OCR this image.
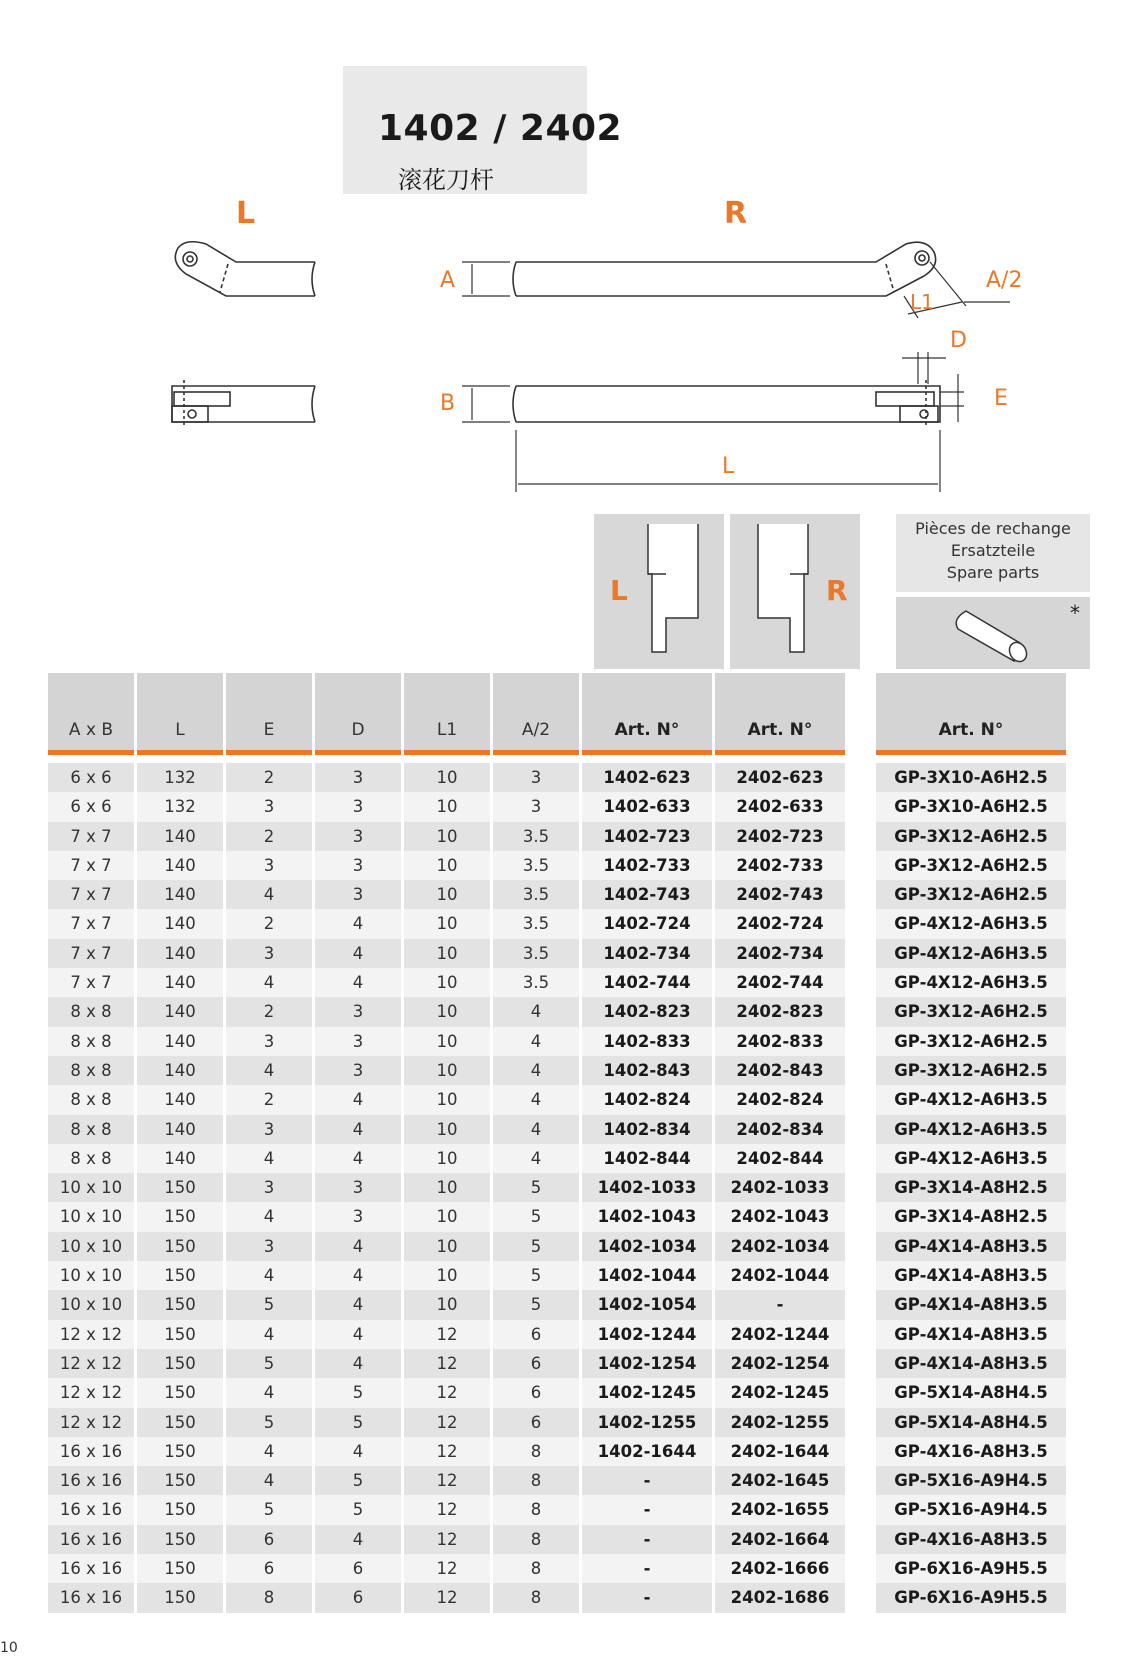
1402 / 2402
滚花刀杆
L	R
A
B
A/2
L1
D
E
L
L	R
Pièces de rechange
Ersatzteile
Spare parts
*
A x B	L	E	D	L1	A/2	Art. N°	Art. N°	Art. N°
6 x 6	132	2	3	10	3	1402-623	2402-623	GP-3X10-A6H2.5
6 x 6	132	3	3	10	3	1402-633	2402-633	GP-3X10-A6H2.5
7 x 7	140	2	3	10	3.5	1402-723	2402-723	GP-3X12-A6H2.5
7 x 7	140	3	3	10	3.5	1402-733	2402-733	GP-3X12-A6H2.5
7 x 7	140	4	3	10	3.5	1402-743	2402-743	GP-3X12-A6H2.5
7 x 7	140	2	4	10	3.5	1402-724	2402-724	GP-4X12-A6H3.5
7 x 7	140	3	4	10	3.5	1402-734	2402-734	GP-4X12-A6H3.5
7 x 7	140	4	4	10	3.5	1402-744	2402-744	GP-4X12-A6H3.5
8 x 8	140	2	3	10	4	1402-823	2402-823	GP-3X12-A6H2.5
8 x 8	140	3	3	10	4	1402-833	2402-833	GP-3X12-A6H2.5
8 x 8	140	4	3	10	4	1402-843	2402-843	GP-3X12-A6H2.5
8 x 8	140	2	4	10	4	1402-824	2402-824	GP-4X12-A6H3.5
8 x 8	140	3	4	10	4	1402-834	2402-834	GP-4X12-A6H3.5
8 x 8	140	4	4	10	4	1402-844	2402-844	GP-4X12-A6H3.5
10 x 10	150	3	3	10	5	1402-1033	2402-1033	GP-3X14-A8H2.5
10 x 10	150	4	3	10	5	1402-1043	2402-1043	GP-3X14-A8H2.5
10 x 10	150	3	4	10	5	1402-1034	2402-1034	GP-4X14-A8H3.5
10 x 10	150	4	4	10	5	1402-1044	2402-1044	GP-4X14-A8H3.5
10 x 10	150	5	4	10	5	1402-1054	-	GP-4X14-A8H3.5
12 x 12	150	4	4	12	6	1402-1244	2402-1244	GP-4X14-A8H3.5
12 x 12	150	5	4	12	6	1402-1254	2402-1254	GP-4X14-A8H3.5
12 x 12	150	4	5	12	6	1402-1245	2402-1245	GP-5X14-A8H4.5
12 x 12	150	5	5	12	6	1402-1255	2402-1255	GP-5X14-A8H4.5
16 x 16	150	4	4	12	8	1402-1644	2402-1644	GP-4X16-A8H3.5
16 x 16	150	4	5	12	8	-	2402-1645	GP-5X16-A9H4.5
16 x 16	150	5	5	12	8	-	2402-1655	GP-5X16-A9H4.5
16 x 16	150	6	4	12	8	-	2402-1664	GP-4X16-A8H3.5
16 x 16	150	6	6	12	8	-	2402-1666	GP-6X16-A9H5.5
16 x 16	150	8	6	12	8	-	2402-1686	GP-6X16-A9H5.5
10
